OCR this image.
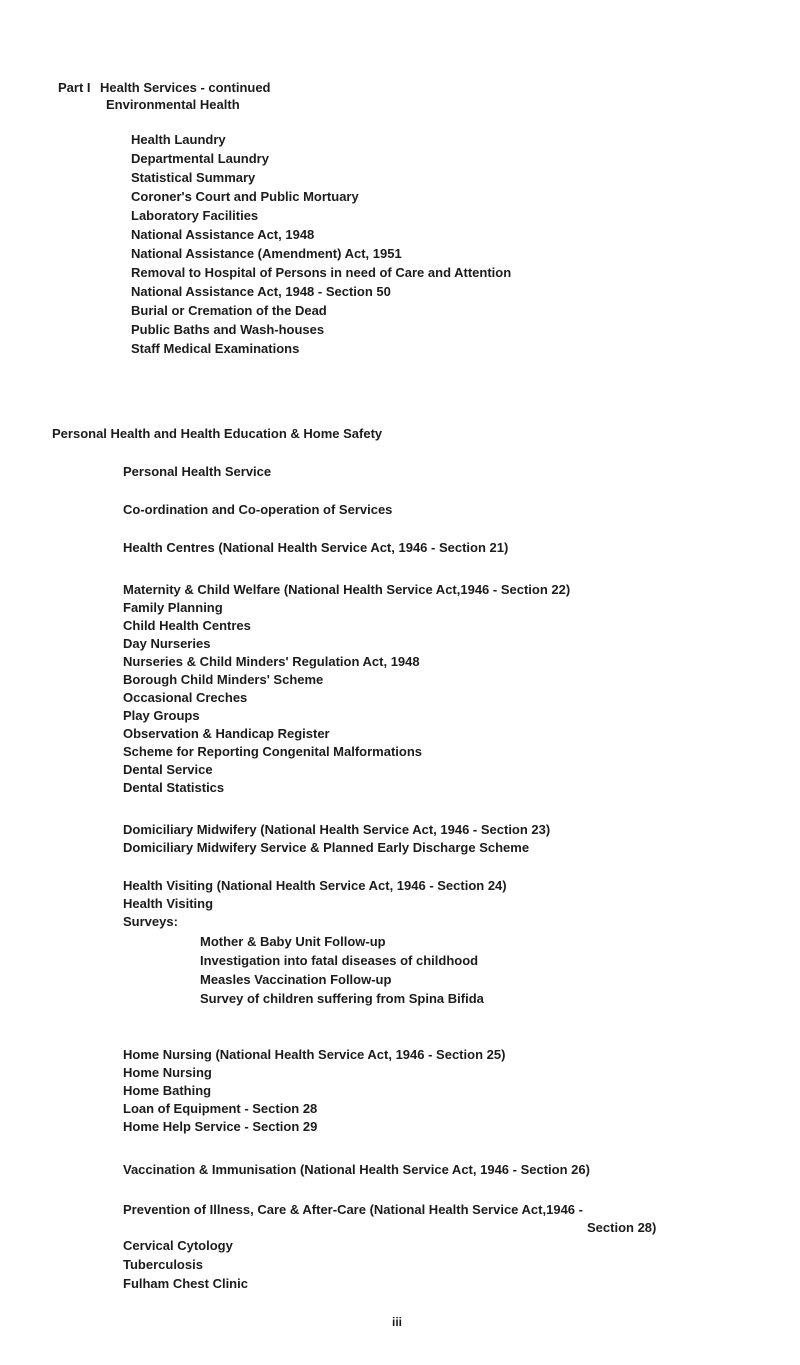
Part I Health Services - continued
Environmental Health
Health Laundry
Departmental Laundry
Statistical Summary
Coroner's Court and Public Mortuary
Laboratory Facilities
National Assistance Act, 1948
National Assistance (Amendment) Act, 1951
Removal to Hospital of Persons in need of Care and Attention
National Assistance Act, 1948 - Section 50
Burial or Cremation of the Dead
Public Baths and Wash-houses
Staff Medical Examinations
Personal Health and Health Education & Home Safety
Personal Health Service
Co-ordination and Co-operation of Services
Health Centres (National Health Service Act, 1946 - Section 21)
Maternity & Child Welfare (National Health Service Act,1946 - Section 22)
Family Planning
Child Health Centres
Day Nurseries
Nurseries & Child Minders' Regulation Act, 1948
Borough Child Minders' Scheme
Occasional Creches
Play Groups
Observation & Handicap Register
Scheme for Reporting Congenital Malformations
Dental Service
Dental Statistics
Domiciliary Midwifery (National Health Service Act, 1946 - Section 23)
Domiciliary Midwifery Service & Planned Early Discharge Scheme
Health Visiting (National Health Service Act, 1946 - Section 24)
Health Visiting
Surveys:
Mother & Baby Unit Follow-up
Investigation into fatal diseases of childhood
Measles Vaccination Follow-up
Survey of children suffering from Spina Bifida
Home Nursing (National Health Service Act, 1946 - Section 25)
Home Nursing
Home Bathing
Loan of Equipment - Section 28
Home Help Service - Section 29
Vaccination & Immunisation (National Health Service Act, 1946 - Section 26)
Prevention of Illness, Care & After-Care (National Health Service Act,1946 -
Section 28)
Cervical Cytology
Tuberculosis
Fulham Chest Clinic
iii
